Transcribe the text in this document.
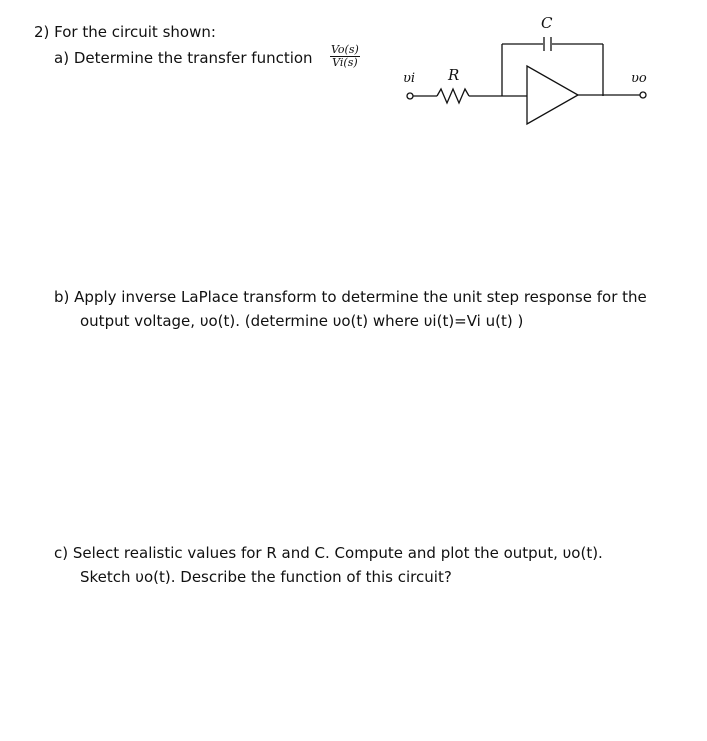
2) For the circuit shown:
a) Determine the transfer function $\frac{Vo(s)}{Vi(s)}$
C
R
υi	υo
b) Apply inverse LaPlace transform to determine the unit step response for the
output voltage, υo(t). (determine υo(t) where υi(t)=Vi u(t) )
c) Select realistic values for R and C. Compute and plot the output, υo(t).
Sketch υo(t). Describe the function of this circuit?
